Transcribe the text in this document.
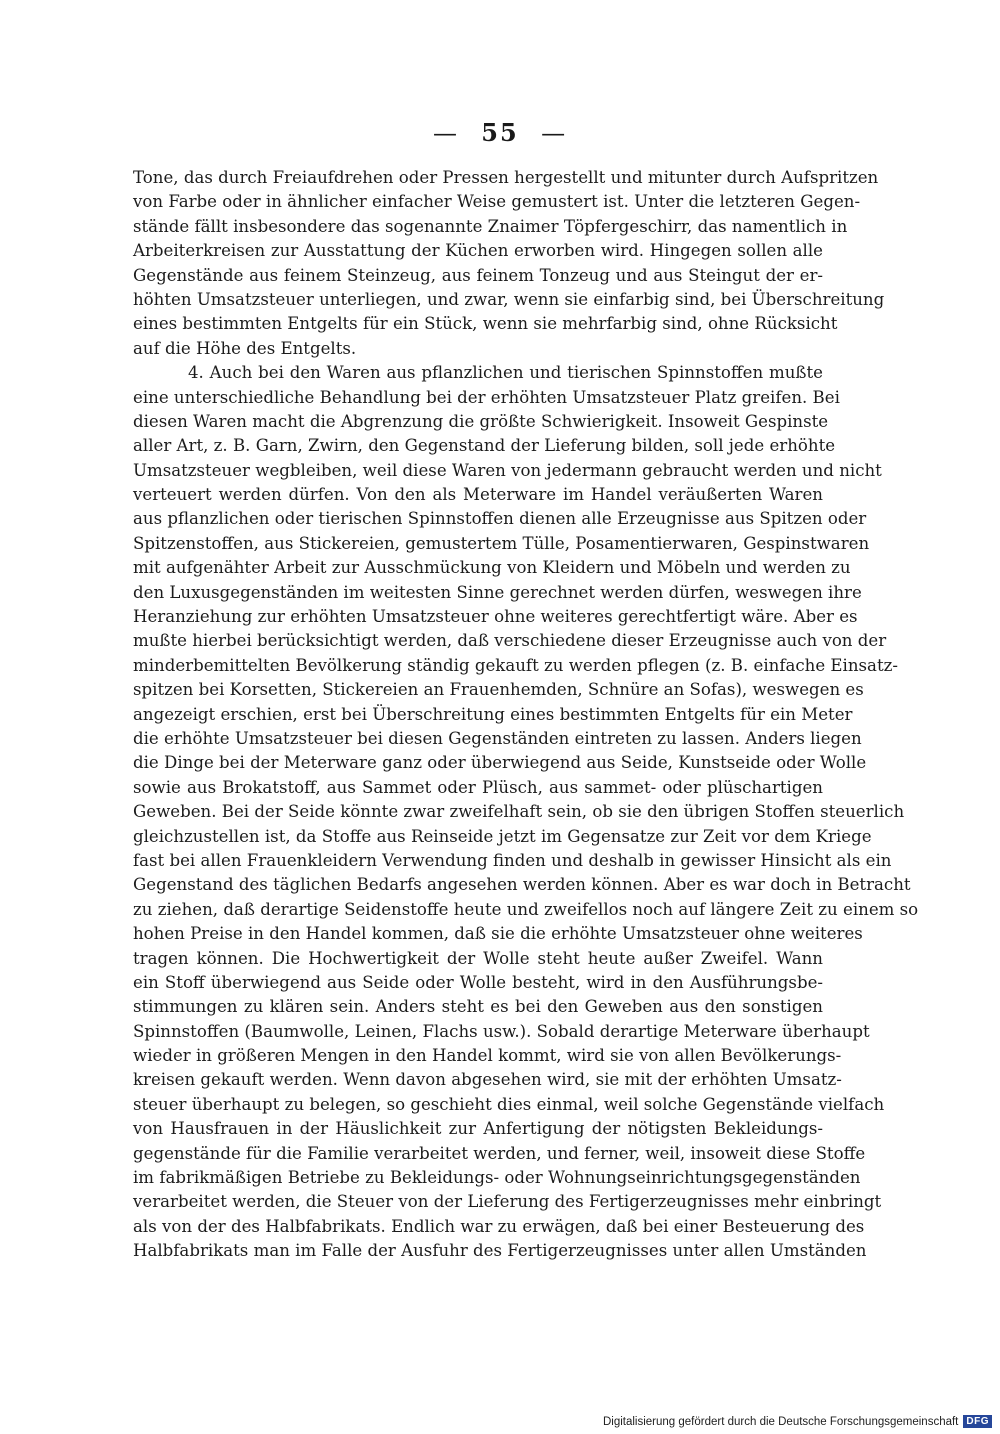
— 55 —
Tone, das durch Freiaufdrehen oder Pressen hergestellt und mitunter durch Aufspritzen
von Farbe oder in ähnlicher einfacher Weise gemustert ist. Unter die letzteren Gegen-
stände fällt insbesondere das sogenannte Znaimer Töpfergeschirr, das namentlich in
Arbeiterkreisen zur Ausstattung der Küchen erworben wird. Hingegen sollen alle
Gegenstände aus feinem Steinzeug, aus feinem Tonzeug und aus Steingut der er-
höhten Umsatzsteuer unterliegen, und zwar, wenn sie einfarbig sind, bei Überschreitung
eines bestimmten Entgelts für ein Stück, wenn sie mehrfarbig sind, ohne Rücksicht
auf die Höhe des Entgelts.
4. Auch bei den Waren aus pflanzlichen und tierischen Spinnstoffen mußte
eine unterschiedliche Behandlung bei der erhöhten Umsatzsteuer Platz greifen. Bei
diesen Waren macht die Abgrenzung die größte Schwierigkeit. Insoweit Gespinste
aller Art, z. B. Garn, Zwirn, den Gegenstand der Lieferung bilden, soll jede erhöhte
Umsatzsteuer wegbleiben, weil diese Waren von jedermann gebraucht werden und nicht
verteuert werden dürfen. Von den als Meterware im Handel veräußerten Waren
aus pflanzlichen oder tierischen Spinnstoffen dienen alle Erzeugnisse aus Spitzen oder
Spitzenstoffen, aus Stickereien, gemustertem Tülle, Posamentierwaren, Gespinstwaren
mit aufgenähter Arbeit zur Ausschmückung von Kleidern und Möbeln und werden zu
den Luxusgegenständen im weitesten Sinne gerechnet werden dürfen, weswegen ihre
Heranziehung zur erhöhten Umsatzsteuer ohne weiteres gerechtfertigt wäre. Aber es
mußte hierbei berücksichtigt werden, daß verschiedene dieser Erzeugnisse auch von der
minderbemittelten Bevölkerung ständig gekauft zu werden pflegen (z. B. einfache Einsatz-
spitzen bei Korsetten, Stickereien an Frauenhemden, Schnüre an Sofas), weswegen es
angezeigt erschien, erst bei Überschreitung eines bestimmten Entgelts für ein Meter
die erhöhte Umsatzsteuer bei diesen Gegenständen eintreten zu lassen. Anders liegen
die Dinge bei der Meterware ganz oder überwiegend aus Seide, Kunstseide oder Wolle
sowie aus Brokatstoff, aus Sammet oder Plüsch, aus sammet- oder plüschartigen
Geweben. Bei der Seide könnte zwar zweifelhaft sein, ob sie den übrigen Stoffen steuerlich
gleichzustellen ist, da Stoffe aus Reinseide jetzt im Gegensatze zur Zeit vor dem Kriege
fast bei allen Frauenkleidern Verwendung finden und deshalb in gewisser Hinsicht als ein
Gegenstand des täglichen Bedarfs angesehen werden können. Aber es war doch in Betracht
zu ziehen, daß derartige Seidenstoffe heute und zweifellos noch auf längere Zeit zu einem so
hohen Preise in den Handel kommen, daß sie die erhöhte Umsatzsteuer ohne weiteres
tragen können. Die Hochwertigkeit der Wolle steht heute außer Zweifel. Wann
ein Stoff überwiegend aus Seide oder Wolle besteht, wird in den Ausführungsbe-
stimmungen zu klären sein. Anders steht es bei den Geweben aus den sonstigen
Spinnstoffen (Baumwolle, Leinen, Flachs usw.). Sobald derartige Meterware überhaupt
wieder in größeren Mengen in den Handel kommt, wird sie von allen Bevölkerungs-
kreisen gekauft werden. Wenn davon abgesehen wird, sie mit der erhöhten Umsatz-
steuer überhaupt zu belegen, so geschieht dies einmal, weil solche Gegenstände vielfach
von Hausfrauen in der Häuslichkeit zur Anfertigung der nötigsten Bekleidungs-
gegenstände für die Familie verarbeitet werden, und ferner, weil, insoweit diese Stoffe
im fabrikmäßigen Betriebe zu Bekleidungs- oder Wohnungseinrichtungsgegenständen
verarbeitet werden, die Steuer von der Lieferung des Fertigerzeugnisses mehr einbringt
als von der des Halbfabrikats. Endlich war zu erwägen, daß bei einer Besteuerung des
Halbfabrikats man im Falle der Ausfuhr des Fertigerzeugnisses unter allen Umständen
Digitalisierung gefördert durch die Deutsche Forschungsgemeinschaft DFG
